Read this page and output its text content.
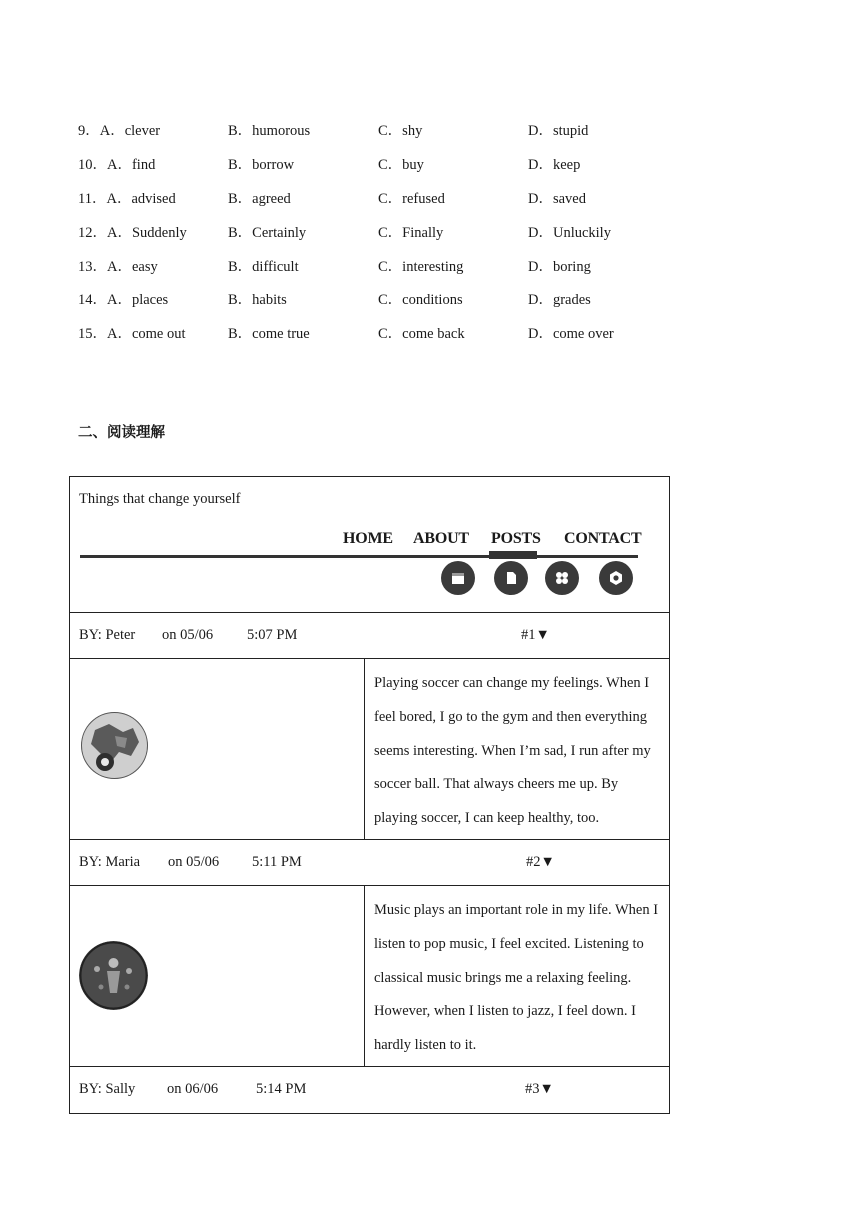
9．A．clever	B．humorous	C．shy	D．stupid
10．A．find	B．borrow	C．buy	D．keep
11．A．advised	B．agreed	C．refused	D．saved
12．A．Suddenly	B．Certainly	C．Finally	D．Unluckily
13．A．easy	B．difficult	C．interesting	D．boring
14．A．places	B．habits	C．conditions	D．grades
15．A．come out	B．come true	C．come back	D．come over
二、阅读理解
Things that change yourself
HOME ABOUT POSTS CONTACT
BY: Peter on 05/06 5:07 PM	#1▼
Playing soccer can change my feelings. When I feel bored, I go to the gym and then everything seems interesting. When I’m sad, I run after my soccer ball. That always cheers me up. By playing soccer, I can keep healthy, too.
BY: Maria on 05/06 5:11 PM	#2▼
Music plays an important role in my life. When I listen to pop music, I feel excited. Listening to classical music brings me a relaxing feeling. However, when I listen to jazz, I feel down. I hardly listen to it.
BY: Sally on 06/06	5:14 PM	#3▼
